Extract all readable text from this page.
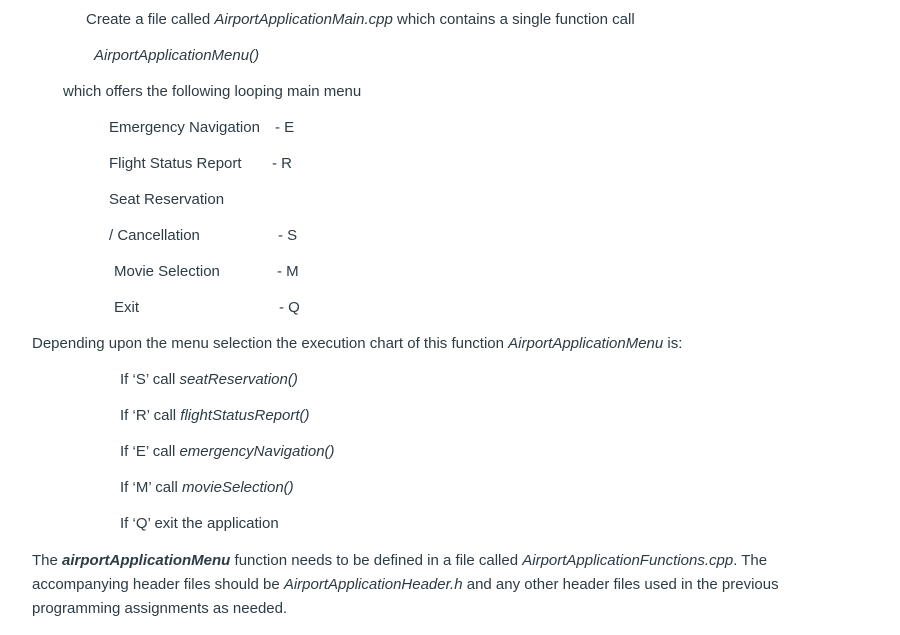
Create a file called AirportApplicationMain.cpp which contains a single function call
AirportApplicationMenu()
which offers the following looping main menu
Emergency Navigation - E
Flight Status Report - R
Seat Reservation
/ Cancellation	- S
Movie Selection	- M
Exit	- Q
Depending upon the menu selection the execution chart of this function AirportApplicationMenu is:
If ‘S’ call seatReservation()
If ‘R’ call flightStatusReport()
If ‘E’ call emergencyNavigation()
If ‘M’ call movieSelection()
If ‘Q’ exit the application
The airportApplicationMenu function needs to be defined in a file called AirportApplicationFunctions.cpp. The accompanying header files should be AirportApplicationHeader.h and any other header files used in the previous programming assignments as needed.
